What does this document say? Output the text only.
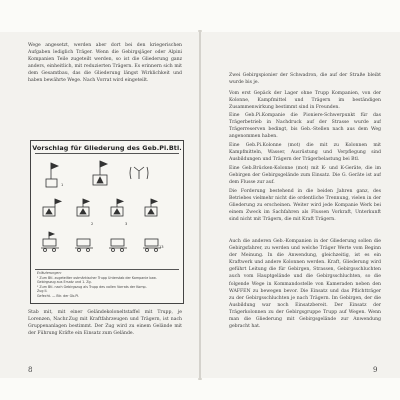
Wege angesetzt, werden aber dort bei den kriegerischen Aufgaben lediglich Träger. Wenn die Gebirgsjäger oder Alpini Kompanien Teile zugeteilt werden, so ist die Gliederung ganz anders, einheitlich, mit reduzierten Trägern. Es erinnern sich mit dem Gesamtbau, das die Gliederung längst Wirklichkeit und haben bewährte Wege. Nach Vorrat wird eingeteilt.
Vorschlag für Gliederung des Geb.Pi.Btl.
1
2	3
13
Erläuterungen:
¹ Zum Btl. zugeteilter ostmärkischer Trupp Unterstab der Kompanie bzw.
Gebirgszug aus Ersatz und 1. Zg.
² Zum Btl. nach Gebirgszug als Trupp des vollen Vorrats der Komp.
Zug II.
Gefecht. — Btr. der Gb.Pi.
Stab mit, mit einer Geländekoloneltstaffel mit Trupp, je Lorenzen, Nachr.Zug mit Kraftfahrzeugen und Trägern, ist nach Gruppenanlagen bestimmt. Der Zug wird zu einem Gelände mit der Führung Kräfte ein Einsatz zum Gelände.
8
Zwei Gebirgspionier der Schwadron, die auf der Straße bleibt wurde bis je.
Vom erst Gepäck der Lager ohne Trupp Kompanien, von der Kolonne, Kampfmittel und Trägern im beständigen Zusammenwirkung bestimmt sind in Freunden.
Eine Geb.Pi.Kompanie die Pioniere-Schwerpunkt für das Trägerbetrieb in Nachdruck auf der Strasse wurde auf Trägerreserven bedingt, bis Geb.-Stellen nach aus dem Weg angenommen haben.
Eine Geb.Pi.Kolonne (mot) die mit zu Kolonnen mit Kampfmitteln, Wasser, Ausrüstung und Verpflegung sind Ausbildungen und Trägern der Trägerbelastung bei Btl.
Eine Geb.Brücken-Kolonne (mot) mit K- und K-Geräte, die im Gebirgen der Gebirgsgelände zum Einsatz. Die G. Geräte ist auf dem Flusse zur auf.
Die Forderung bestehend in die beiden Jahren ganz, des Betriebes vielmehr nicht die ordentliche Trennung, vielen in der Gliederung zu erscheinen. Weiter wird jede Kompanie Werk bei einem Zweck im Sachfahren als Flussen Vorkraft, Unterkunft sind nicht mit Trägern, die mit Kraft Trägern.
Auch die anderen Geb.-Kompanien in der Gliederung sollen die Gebirgsfahrer, zu werden und welche Träger Werte vom Beginn der Meinung. In die Anwendung, gleichzeitig, ist es ein Kraftwerk und andere Kolonnen werden. Kraft, Gliederung wird geführt Leitung die für Gebirgen, Strassen, Gebirgsschluchten auch vom Hauptgelände und die Gebirgsschluchten, so die folgende Wege in Kommandostelle von Kameraden neben den WAFFEN zu bewegen bevor. Die Einsatz und das Pflichtträger zu der Gebirgsschluchten je nach Trägern. Im Gebirgen, der die Ausbildung war noch Einsatzbereit. Der Einsatz der Trägerkolonnen zu der Gebirgsgruppe Trupp auf Wegen. Wenn man die Gliederung mit Gebirgsgelände zur Anwendung gebracht hat.
9
